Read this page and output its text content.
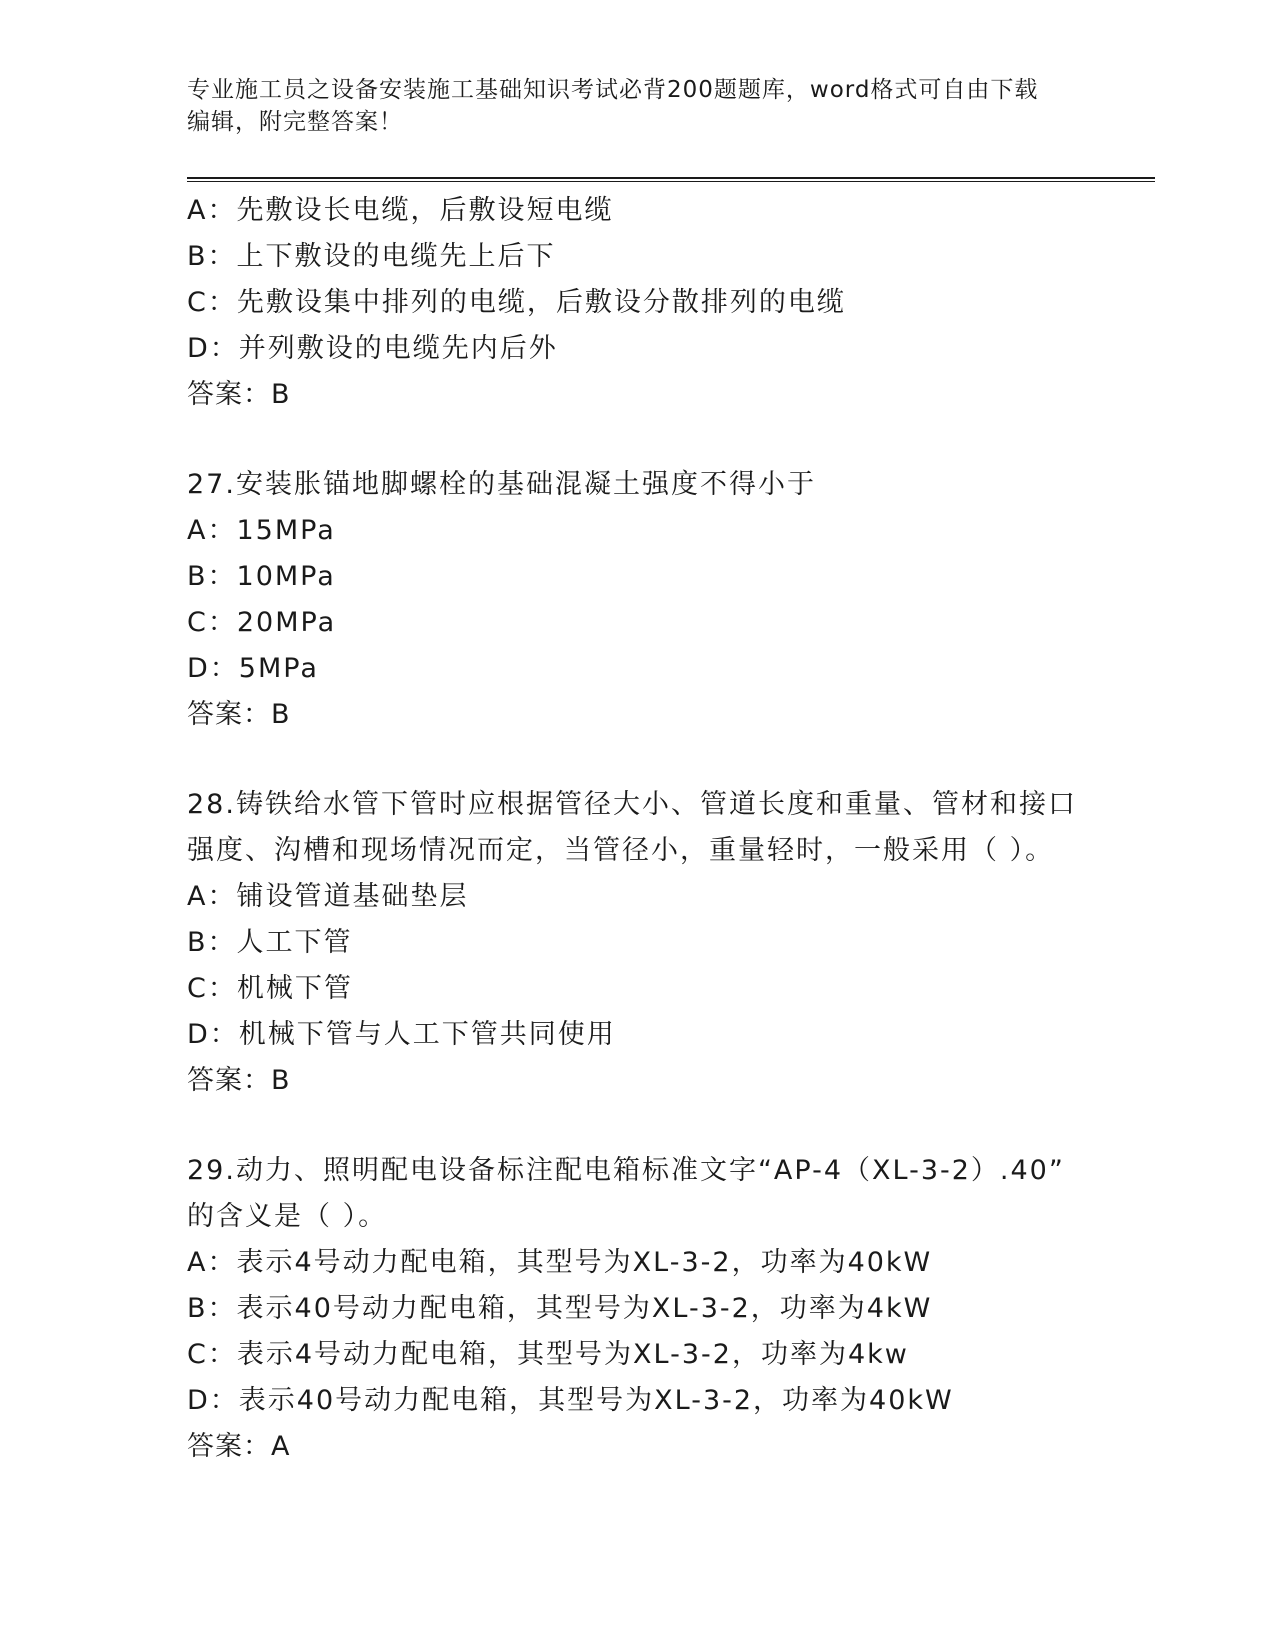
专业施工员之设备安装施工基础知识考试必背200题题库，word格式可自由下载
编辑，附完整答案！
A：先敷设长电缆，后敷设短电缆
B：上下敷设的电缆先上后下
C：先敷设集中排列的电缆，后敷设分散排列的电缆
D：并列敷设的电缆先内后外
答案：B
27.安装胀锚地脚螺栓的基础混凝土强度不得小于
A：15MPa
B：10MPa
C：20MPa
D：5MPa
答案：B
28.铸铁给水管下管时应根据管径大小、管道长度和重量、管材和接口
强度、沟槽和现场情况而定，当管径小，重量轻时，一般采用（ ）。
A：铺设管道基础垫层
B：人工下管
C：机械下管
D：机械下管与人工下管共同使用
答案：B
29.动力、照明配电设备标注配电箱标准文字“AP-4（XL-3-2）.40”
的含义是（ ）。
A：表示4号动力配电箱，其型号为XL-3-2，功率为40kW
B：表示40号动力配电箱，其型号为XL-3-2，功率为4kW
C：表示4号动力配电箱，其型号为XL-3-2，功率为4kw
D：表示40号动力配电箱，其型号为XL-3-2，功率为40kW
答案：A
